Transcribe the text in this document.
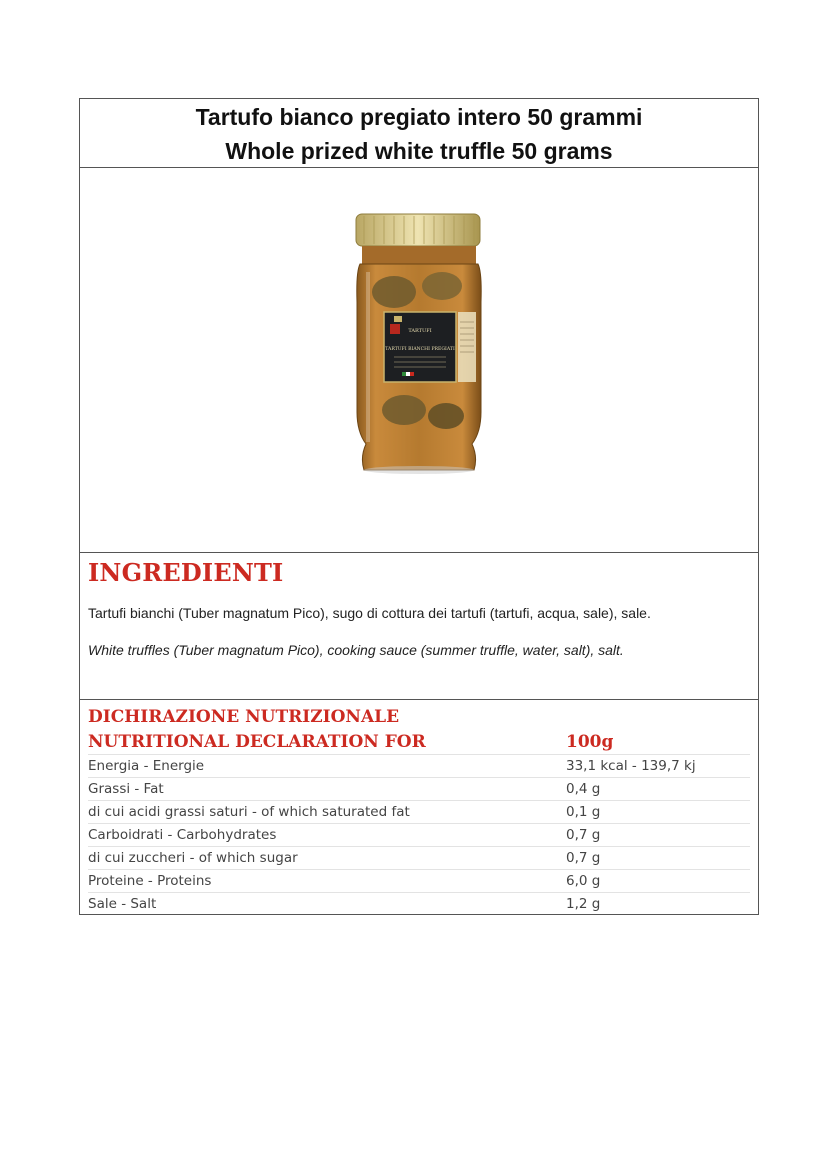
Tartufo bianco pregiato intero 50 grammi
Whole prized white truffle 50 grams
TARTUFI
TARTUFI BIANCHI PREGIATI
INGREDIENTI
Tartufi bianchi (Tuber magnatum Pico), sugo di cottura dei tartufi (tartufi, acqua, sale), sale.
White truffles (Tuber magnatum Pico), cooking sauce (summer truffle, water, salt), salt.
DICHIRAZIONE NUTRIZIONALE
NUTRITIONAL DECLARATION FOR	100g
Energia - Energie	33,1 kcal - 139,7 kj
Grassi - Fat	0,4 g
di cui acidi grassi saturi - of which saturated fat	0,1 g
Carboidrati - Carbohydrates	0,7 g
di cui zuccheri - of which sugar	0,7 g
Proteine - Proteins	6,0 g
Sale - Salt	1,2 g
